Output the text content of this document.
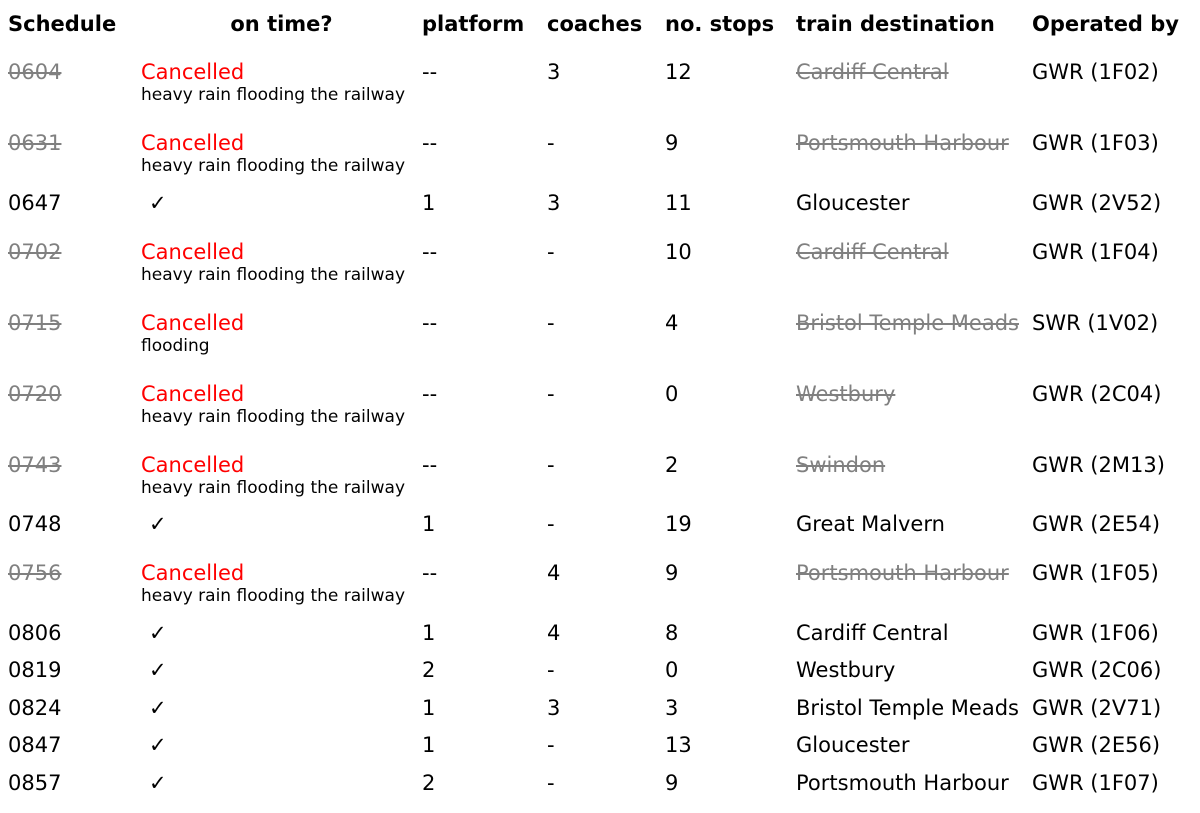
Schedule	on time?	platform	coaches	no. stops	train destination	Operated by
0604	Cancelled	--	3	12	Cardiff Central	GWR (1F02)
	heavy rain flooding the railway					
0631	Cancelled	--	-	9	Portsmouth Harbour	GWR (1F03)
	heavy rain flooding the railway					
0647	✓	1	3	11	Gloucester	GWR (2V52)
0702	Cancelled	--	-	10	Cardiff Central	GWR (1F04)
	heavy rain flooding the railway					
0715	Cancelled	--	-	4	Bristol Temple Meads	SWR (1V02)
	flooding					
0720	Cancelled	--	-	0	Westbury	GWR (2C04)
	heavy rain flooding the railway					
0743	Cancelled	--	-	2	Swindon	GWR (2M13)
	heavy rain flooding the railway					
0748	✓	1	-	19	Great Malvern	GWR (2E54)
0756	Cancelled	--	4	9	Portsmouth Harbour	GWR (1F05)
	heavy rain flooding the railway					
0806	✓	1	4	8	Cardiff Central	GWR (1F06)
0819	✓	2	-	0	Westbury	GWR (2C06)
0824	✓	1	3	3	Bristol Temple Meads	GWR (2V71)
0847	✓	1	-	13	Gloucester	GWR (2E56)
0857	✓	2	-	9	Portsmouth Harbour	GWR (1F07)
